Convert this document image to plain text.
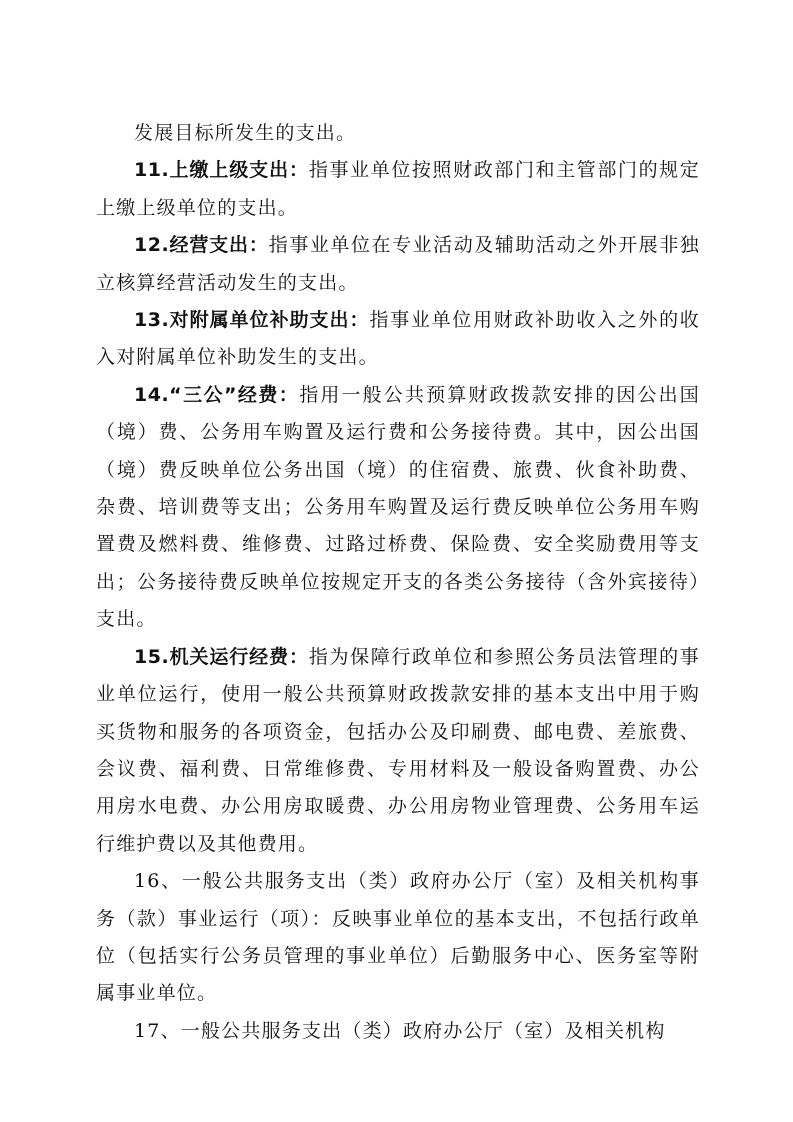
发展目标所发生的支出。

11.上缴上级支出：指事业单位按照财政部门和主管部门的规定上缴上级单位的支出。

12.经营支出：指事业单位在专业活动及辅助活动之外开展非独立核算经营活动发生的支出。

13.对附属单位补助支出：指事业单位用财政补助收入之外的收入对附属单位补助发生的支出。

14.“三公”经费：指用一般公共预算财政拨款安排的因公出国（境）费、公务用车购置及运行费和公务接待费。其中，因公出国（境）费反映单位公务出国（境）的住宿费、旅费、伙食补助费、杂费、培训费等支出；公务用车购置及运行费反映单位公务用车购置费及燃料费、维修费、过路过桥费、保险费、安全奖励费用等支出；公务接待费反映单位按规定开支的各类公务接待（含外宾接待）支出。

15.机关运行经费：指为保障行政单位和参照公务员法管理的事业单位运行，使用一般公共预算财政拨款安排的基本支出中用于购买货物和服务的各项资金，包括办公及印刷费、邮电费、差旅费、会议费、福利费、日常维修费、专用材料及一般设备购置费、办公用房水电费、办公用房取暖费、办公用房物业管理费、公务用车运行维护费以及其他费用。

16、一般公共服务支出（类）政府办公厅（室）及相关机构事务（款）事业运行（项）：反映事业单位的基本支出，不包括行政单位（包括实行公务员管理的事业单位）后勤服务中心、医务室等附属事业单位。

17、一般公共服务支出（类）政府办公厅（室）及相关机构
